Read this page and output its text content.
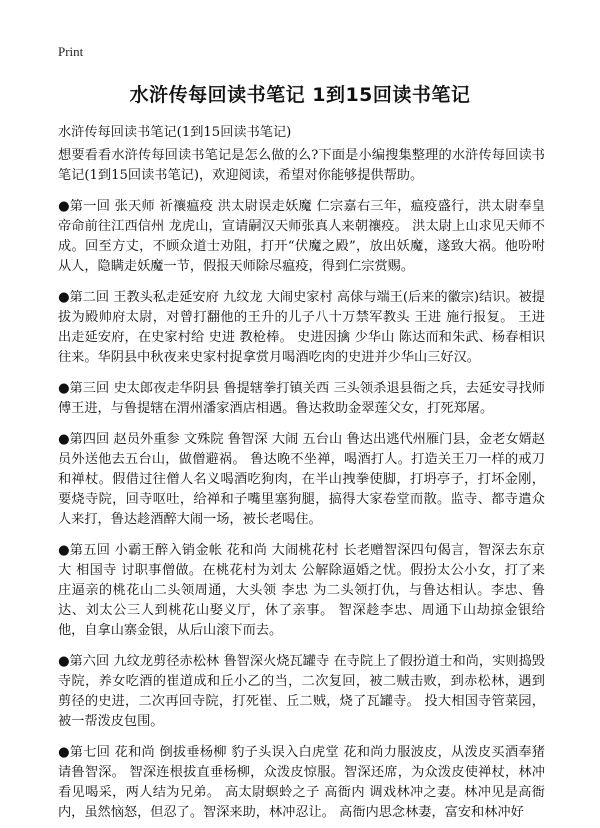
Print
水浒传每回读书笔记 1到15回读书笔记

水浒传每回读书笔记(1到15回读书笔记)

想要看看水浒传每回读书笔记是怎么做的么?下面是小编搜集整理的水浒传每回读书笔记(1到15回读书笔记)，欢迎阅读，希望对你能够提供帮助。

●第一回 张天师 祈禳瘟疫 洪太尉误走妖魔 仁宗嘉右三年，瘟疫盛行，洪太尉奉皇帝命前往江西信州 龙虎山，宣请嗣汉天师张真人来朝禳疫。 洪太尉上山求见天师不成。回至方丈，不顾众道士劝阻，打开“伏魔之殿”，放出妖魔，遂致大祸。他吩咐从人，隐瞒走妖魔一节，假报天师除尽瘟疫，得到仁宗赏赐。

●第二回 王教头私走延安府 九纹龙 大闹史家村 高俅与端王(后来的徽宗)结识。被提拔为殿帅府太尉，对曾打翻他的王升的儿子八十万禁军教头 王进 施行报复。 王进出走延安府，在史家村给 史进 教枪棒。 史进因擒 少华山 陈达而和朱武、杨春相识往来。华阴县中秋夜来史家村捉拿赏月喝酒吃肉的史进并少华山三好汉。

●第三回 史太郎夜走华阴县 鲁提辖拳打镇关西 三头领杀退县衙之兵，去延安寻找师傅王进，与鲁提辖在渭州潘家酒店相遇。鲁达救助金翠莲父女，打死郑屠。

●第四回 赵员外重参 文殊院 鲁智深 大闹 五台山 鲁达出逃代州雁门县，金老女婿赵员外送他去五台山，做僧避祸。 鲁达晚不坐禅，喝酒打人。打造关王刀一样的戒刀和禅杖。假借过往僧人名义喝酒吃狗肉，在半山拽拳使脚，打坍亭子，打坏金刚，要烧寺院，回寺呕吐，给禅和子嘴里塞狗腿，搞得大家卷堂而散。监寺、都寺遣众人来打，鲁达趁酒醉大闹一场，被长老喝住。

●第五回 小霸王醉入销金帐 花和尚 大闹桃花村 长老赠智深四句偈言，智深去东京大 相国寺 讨职事僧做。在桃花村为刘太 公解除逼婚之忧。假扮太公小女，打了来庄逼亲的桃花山二头领周通，大头领 李忠 为二头领打仇，与鲁达相认。李忠、鲁达、刘太公三人到桃花山娶义厅，休了亲事。 智深趁李忠、周通下山劫掠金银给他，自拿山寨金银，从后山滚下而去。

●第六回 九纹龙剪径赤松林 鲁智深火烧瓦罐寺 在寺院上了假扮道士和尚，实则捣毁寺院，养女吃酒的崔道成和丘小乙的当，二次复回，被二贼击败，到赤松林，遇到剪径的史进，二次再回寺院，打死崔、丘二贼，烧了瓦罐寺。 投大相国寺管菜园，被一帮泼皮包围。

●第七回 花和尚 倒拔垂杨柳 豹子头误入白虎堂 花和尚力服波皮，从泼皮买酒奉猪请鲁智深。 智深连根拔直垂杨柳，众泼皮惊服。智深还席，为众泼皮使禅杖，林冲看见喝采，两人结为兄弟。 高太尉螟蛉之子 高衙内 调戏林冲之妻。林冲见是高衙内，虽然恼怒，但忍了。智深来助，林冲忍让。 高衙内思念林妻，富安和林冲好
